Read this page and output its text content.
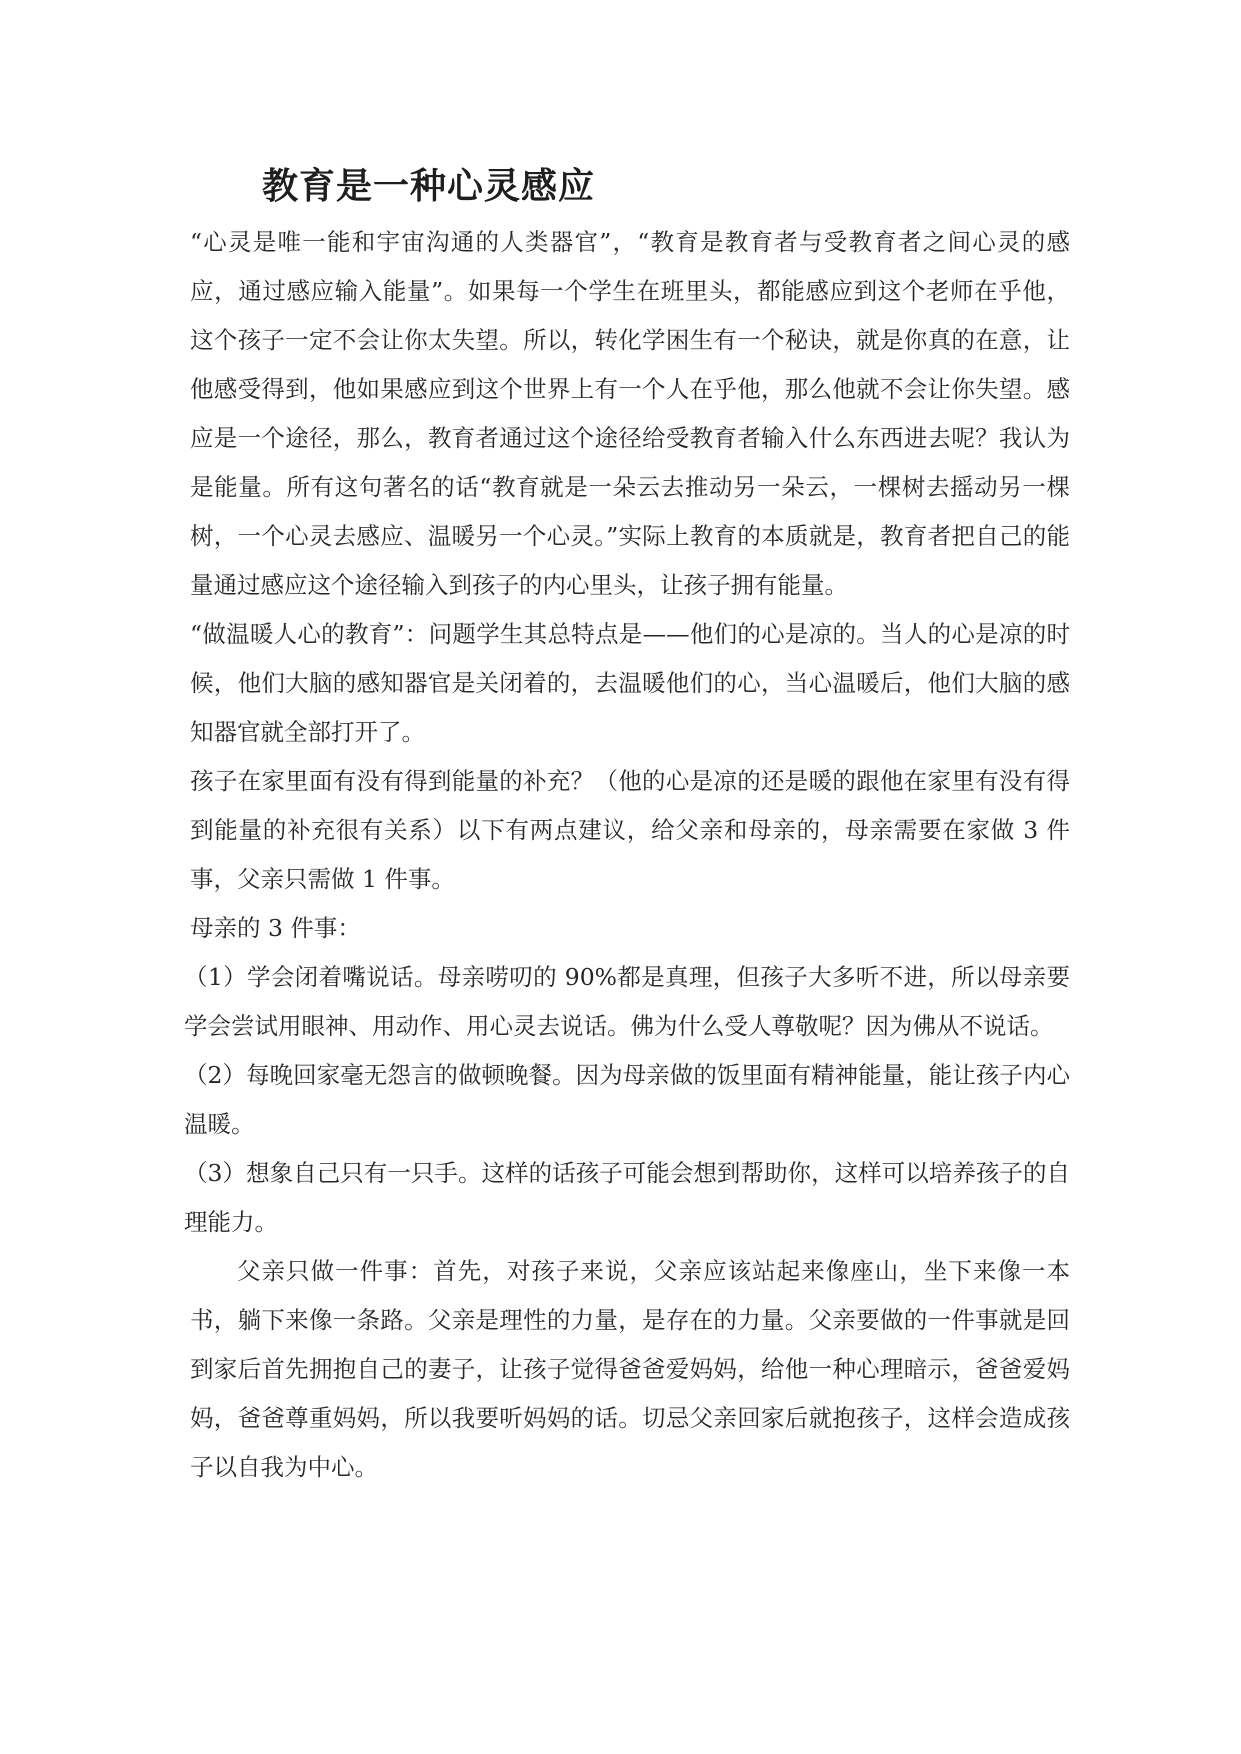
教育是一种心灵感应

“心灵是唯一能和宇宙沟通的人类器官”，“教育是教育者与受教育者之间心灵的感应，通过感应输入能量”。如果每一个学生在班里头，都能感应到这个老师在乎他，这个孩子一定不会让你太失望。所以，转化学困生有一个秘诀，就是你真的在意，让他感受得到，他如果感应到这个世界上有一个人在乎他，那么他就不会让你失望。感应是一个途径，那么，教育者通过这个途径给受教育者输入什么东西进去呢？我认为是能量。所有这句著名的话“教育就是一朵云去推动另一朵云，一棵树去摇动另一棵树，一个心灵去感应、温暖另一个心灵。”实际上教育的本质就是，教育者把自己的能量通过感应这个途径输入到孩子的内心里头，让孩子拥有能量。

“做温暖人心的教育”：问题学生其总特点是——他们的心是凉的。当人的心是凉的时候，他们大脑的感知器官是关闭着的，去温暖他们的心，当心温暖后，他们大脑的感知器官就全部打开了。

孩子在家里面有没有得到能量的补充？（他的心是凉的还是暖的跟他在家里有没有得到能量的补充很有关系）以下有两点建议，给父亲和母亲的，母亲需要在家做 3 件事，父亲只需做 1 件事。

母亲的 3 件事：

（1）学会闭着嘴说话。母亲唠叨的 90%都是真理，但孩子大多听不进，所以母亲要学会尝试用眼神、用动作、用心灵去说话。佛为什么受人尊敬呢？因为佛从不说话。

（2）每晚回家毫无怨言的做顿晚餐。因为母亲做的饭里面有精神能量，能让孩子内心温暖。

（3）想象自己只有一只手。这样的话孩子可能会想到帮助你，这样可以培养孩子的自理能力。

父亲只做一件事：首先，对孩子来说，父亲应该站起来像座山，坐下来像一本书，躺下来像一条路。父亲是理性的力量，是存在的力量。父亲要做的一件事就是回到家后首先拥抱自己的妻子，让孩子觉得爸爸爱妈妈，给他一种心理暗示，爸爸爱妈妈，爸爸尊重妈妈，所以我要听妈妈的话。切忌父亲回家后就抱孩子，这样会造成孩子以自我为中心。
